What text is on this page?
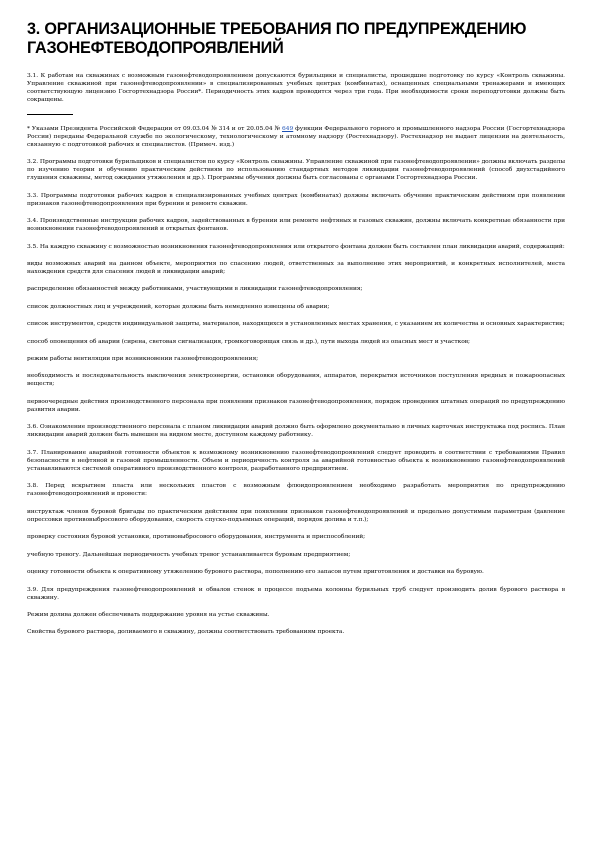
3. ОРГАНИЗАЦИОННЫЕ ТРЕБОВАНИЯ ПО ПРЕДУПРЕЖДЕНИЮ ГАЗОНЕФТЕВОДОПРОЯВЛЕНИЙ

3.1. К работам на скважинах с возможным газонефтеводопроявлением допускаются бурильщики и специалисты, прошедшие подготовку по курсу «Контроль скважины. Управление скважиной при газонефтеводопроявлении» в специализированных учебных центрах (комбинатах), оснащенных специальными тренажерами и имеющих соответствующую лицензию Госгортехнадзора России*. Периодичность этих кадров проводится через три года. При необходимости сроки переподготовки должны быть сокращены.

* Указами Президента Российской Федерации от 09.03.04 № 314 и от 20.05.04 № 649 функции Федерального горного и промышленного надзора России (Госгортехнадзора России) переданы Федеральной службе по экологическому, технологическому и атомному надзору (Ростехнадзору). Ростехнадзор не выдает лицензии на деятельность, связанную с подготовкой рабочих и специалистов. (Примеч. изд.)

3.2. Программы подготовки бурильщиков и специалистов по курсу «Контроль скважины. Управление скважиной при газонефтеводопроявлении» должны включать разделы по изучению теории и обучению практическим действиям по использованию стандартных методов ликвидации газонефтеводопроявлений (способ двухстадийного глушения скважины, метод ожидания утяжеления и др.). Программы обучения должны быть согласованы с органами Госгортехнадзора России.

3.3. Программы подготовки рабочих кадров в специализированных учебных центрах (комбинатах) должны включать обучение практическим действиям при появлении признаков газонефтеводопроявления при бурении и ремонте скважин.

3.4. Производственные инструкции рабочих кадров, задействованных в бурении или ремонте нефтяных и газовых скважин, должны включать конкретные обязанности при возникновении газонефтеводопроявлений и открытых фонтанов.

3.5. На каждую скважину с возможностью возникновения газонефтеводопроявления или открытого фонтана должен быть составлен план ликвидации аварий, содержащий:

виды возможных аварий на данном объекте, мероприятия по спасению людей, ответственных за выполнение этих мероприятий, и конкретных исполнителей, места нахождения средств для спасения людей и ликвидации аварий;

распределение обязанностей между работниками, участвующими в ликвидации газонефтеводопроявления;

список должностных лиц и учреждений, которые должны быть немедленно извещены об аварии;

список инструментов, средств индивидуальной защиты, материалов, находящихся в установленных местах хранения, с указанием их количества и основных характеристик;

способ оповещения об аварии (сирена, световая сигнализация, громкоговорящая связь и др.), пути выхода людей из опасных мест и участков;

режим работы вентиляции при возникновении газонефтеводопроявления;

необходимость и последовательность выключения электроэнергии, остановки оборудования, аппаратов, перекрытия источников поступления вредных и пожароопасных веществ;

первоочередные действия производственного персонала при появлении признаков газонефтеводопроявления, порядок проведения штатных операций по предупреждению развития аварии.

3.6. Ознакомление производственного персонала с планом ликвидации аварий должно быть оформлено документально в личных карточках инструктажа под роспись. План ликвидации аварий должен быть вывешен на видном месте, доступном каждому работнику.

3.7. Планирование аварийной готовности объектов к возможному возникновению газонефтеводопроявлений следует проводить в соответствии с требованиями Правил безопасности в нефтяной и газовой промышленности. Объем и периодичность контроля за аварийной готовностью объекта к возникновению газонефтеводопроявлений устанавливаются системой оперативного производственного контроля, разработанного предприятием.

3.8. Перед вскрытием пласта или нескольких пластов с возможным флюидопроявлением необходимо разработать мероприятия по предупреждению газонефтеводопроявлений и провести:

инструктаж членов буровой бригады по практическим действиям при появлении признаков газонефтеводопроявлений и предельно допустимым параметрам (давление опрессовки противовыбросового оборудования, скорость спуско-подъемных операций, порядок долива и т.п.);

проверку состояния буровой установки, противовыбросового оборудования, инструмента и приспособлений;

учебную тревогу. Дальнейшая периодичность учебных тревог устанавливается буровым предприятием;

оценку готовности объекта к оперативному утяжелению бурового раствора, пополнению его запасов путем приготовления и доставки на буровую.

3.9. Для предупреждения газонефтеводопроявлений и обвалов стенок в процессе подъема колонны бурильных труб следует производить долив бурового раствора в скважину.

Режим долива должен обеспечивать поддержание уровня на устье скважины.

Свойства бурового раствора, доливаемого в скважину, должны соответствовать требованиям проекта.
